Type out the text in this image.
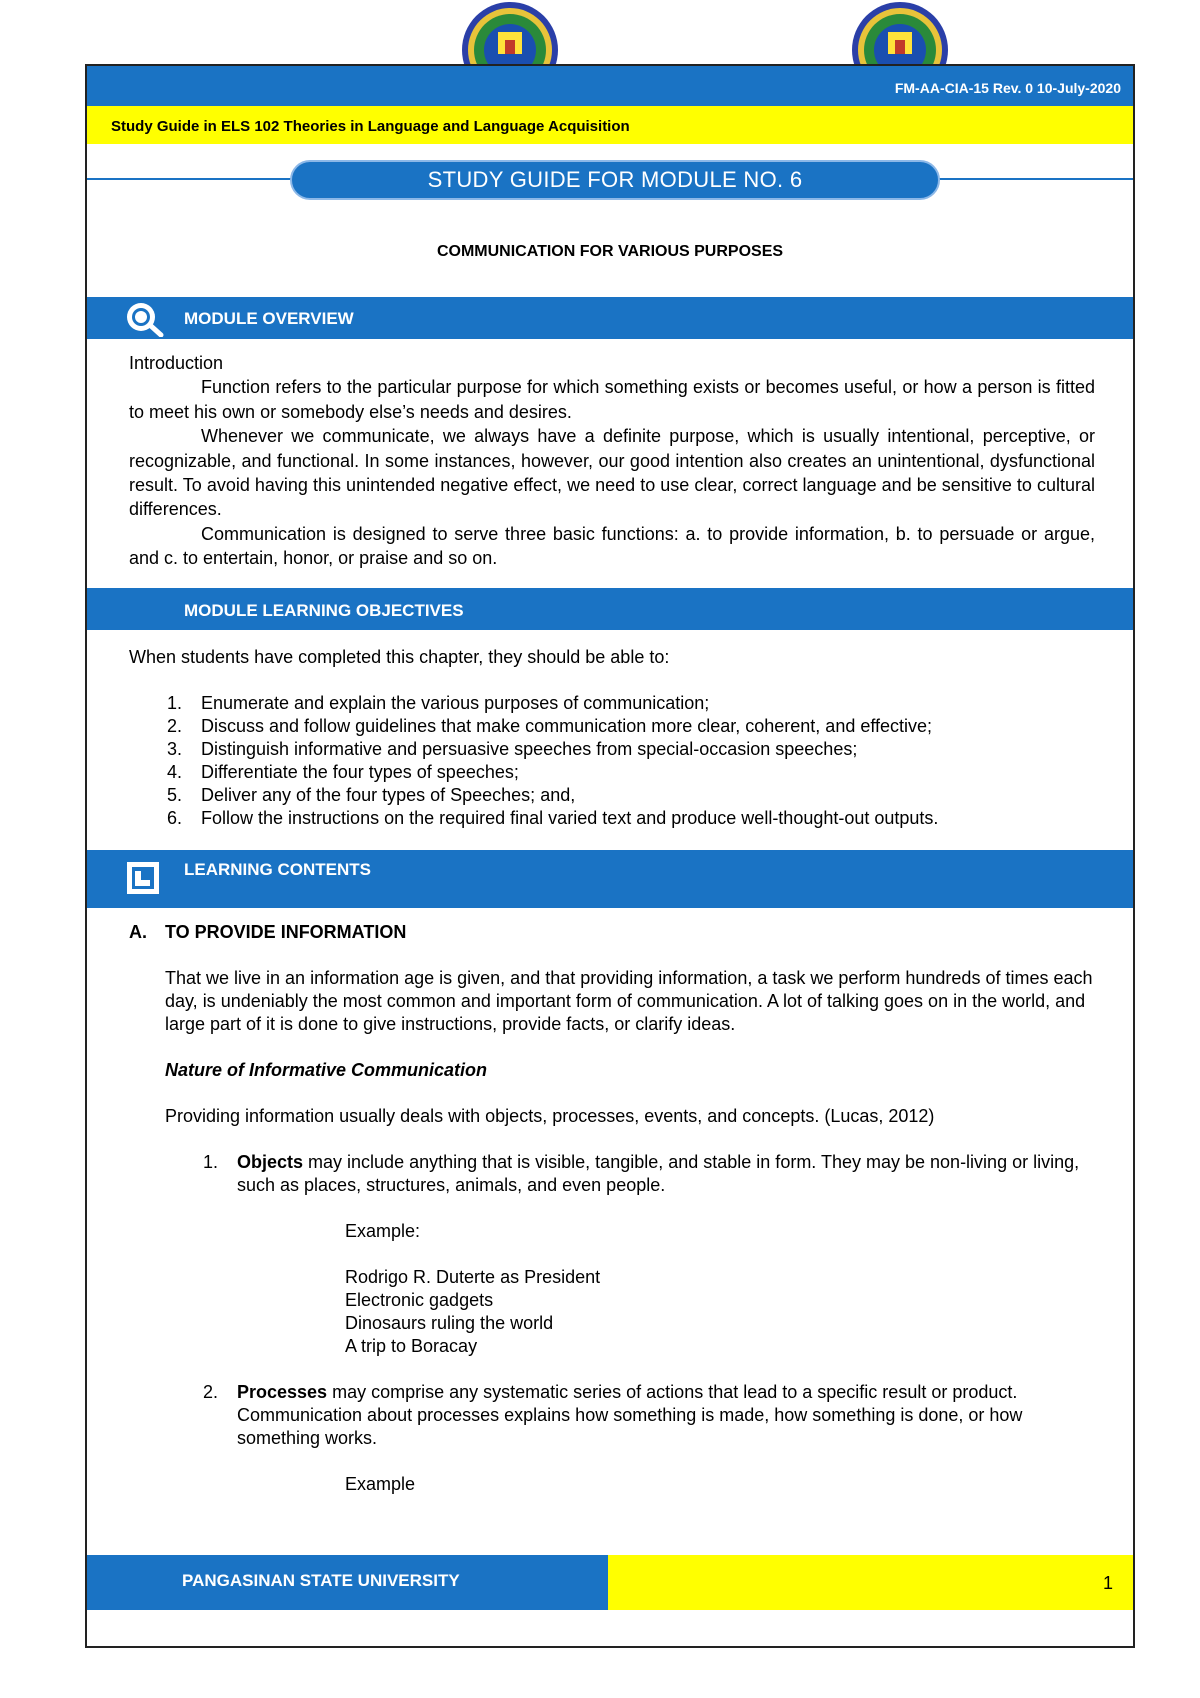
FM-AA-CIA-15 Rev. 0 10-July-2020
Study Guide in ELS 102 Theories in Language and Language Acquisition
STUDY GUIDE FOR MODULE NO. 6
COMMUNICATION FOR VARIOUS PURPOSES
MODULE OVERVIEW
Introduction
Function refers to the particular purpose for which something exists or becomes useful, or how a person is fitted to meet his own or somebody else’s needs and desires.
Whenever we communicate, we always have a definite purpose, which is usually intentional, perceptive, or recognizable, and functional. In some instances, however, our good intention also creates an unintentional, dysfunctional result. To avoid having this unintended negative effect, we need to use clear, correct language and be sensitive to cultural differences.
Communication is designed to serve three basic functions: a. to provide information, b. to persuade or argue, and c. to entertain, honor, or praise and so on.
MODULE LEARNING OBJECTIVES
When students have completed this chapter, they should be able to:
1. Enumerate and explain the various purposes of communication;
2. Discuss and follow guidelines that make communication more clear, coherent, and effective;
3. Distinguish informative and persuasive speeches from special-occasion speeches;
4. Differentiate the four types of speeches;
5. Deliver any of the four types of Speeches; and,
6. Follow the instructions on the required final varied text and produce well-thought-out outputs.
LEARNING CONTENTS
A. TO PROVIDE INFORMATION
That we live in an information age is given, and that providing information, a task we perform hundreds of times each day, is undeniably the most common and important form of communication. A lot of talking goes on in the world, and large part of it is done to give instructions, provide facts, or clarify ideas.
Nature of Informative Communication
Providing information usually deals with objects, processes, events, and concepts. (Lucas, 2012)
1. Objects may include anything that is visible, tangible, and stable in form. They may be non-living or living, such as places, structures, animals, and even people.
Example:
Rodrigo R. Duterte as President
Electronic gadgets
Dinosaurs ruling the world
A trip to Boracay
2. Processes may comprise any systematic series of actions that lead to a specific result or product. Communication about processes explains how something is made, how something is done, or how something works.
Example
PANGASINAN STATE UNIVERSITY	1
